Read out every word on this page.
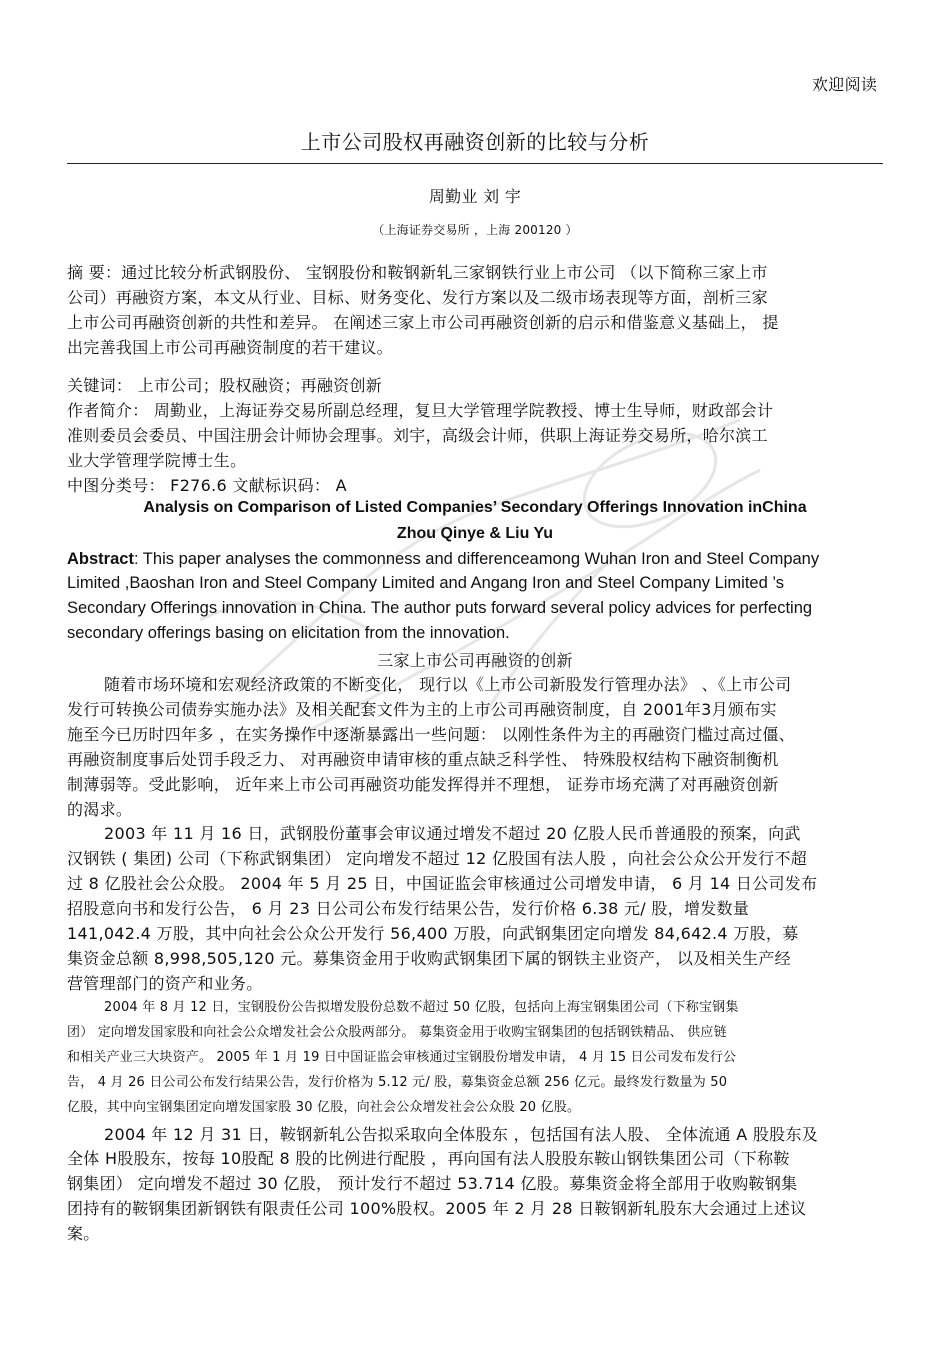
欢迎阅读
上市公司股权再融资创新的比较与分析
周勤业 刘 宇
（上海证券交易所 ，上海 200120 ）
摘 要：通过比较分析武钢股份、 宝钢股份和鞍钢新轧三家钢铁行业上市公司 （以下简称三家上市
公司）再融资方案，本文从行业、目标、财务变化、发行方案以及二级市场表现等方面，剖析三家
上市公司再融资创新的共性和差异。 在阐述三家上市公司再融资创新的启示和借鉴意义基础上， 提
出完善我国上市公司再融资制度的若干建议。
关键词： 上市公司；股权融资；再融资创新
作者简介： 周勤业，上海证券交易所副总经理，复旦大学管理学院教授、博士生导师，财政部会计
准则委员会委员、中国注册会计师协会理事。刘宇，高级会计师，供职上海证券交易所，哈尔滨工
业大学管理学院博士生。
中图分类号： F276.6 文献标识码： A
Analysis on Comparison of Listed Companies’ Secondary Offerings Innovation inChina
Zhou Qinye & Liu Yu
Abstract: This paper analyses the commonness and differenceamong Wuhan Iron and Steel Company
Limited ,Baoshan Iron and Steel Company Limited and Angang Iron and Steel Company Limited ’s
Secondary Offerings innovation in China. The author puts forward several policy advices for perfecting
secondary offerings basing on elicitation from the innovation.
三家上市公司再融资的创新
随着市场环境和宏观经济政策的不断变化， 现行以《上市公司新股发行管理办法》 、《上市公司
发行可转换公司债券实施办法》及相关配套文件为主的上市公司再融资制度，自 2001年3月颁布实
施至今已历时四年多 ，在实务操作中逐渐暴露出一些问题： 以刚性条件为主的再融资门槛过高过僵、
再融资制度事后处罚手段乏力、 对再融资申请审核的重点缺乏科学性、 特殊股权结构下融资制衡机
制薄弱等。受此影响， 近年来上市公司再融资功能发挥得并不理想， 证券市场充满了对再融资创新
的渴求。
2003 年 11 月 16 日，武钢股份董事会审议通过增发不超过 20 亿股人民币普通股的预案，向武
汉钢铁 ( 集团) 公司（下称武钢集团） 定向增发不超过 12 亿股国有法人股 ，向社会公众公开发行不超
过 8 亿股社会公众股。 2004 年 5 月 25 日，中国证监会审核通过公司增发申请， 6 月 14 日公司发布
招股意向书和发行公告， 6 月 23 日公司公布发行结果公告，发行价格 6.38 元/ 股，增发数量
141,042.4 万股，其中向社会公众公开发行 56,400 万股，向武钢集团定向增发 84,642.4 万股，募
集资金总额 8,998,505,120 元。募集资金用于收购武钢集团下属的钢铁主业资产， 以及相关生产经
营管理部门的资产和业务。
2004 年 8 月 12 日，宝钢股份公告拟增发股份总数不超过 50 亿股，包括向上海宝钢集团公司（下称宝钢集
团） 定向增发国家股和向社会公众增发社会公众股两部分。 募集资金用于收购宝钢集团的包括钢铁精品、 供应链
和相关产业三大块资产。 2005 年 1 月 19 日中国证监会审核通过宝钢股份增发申请， 4 月 15 日公司发布发行公
告， 4 月 26 日公司公布发行结果公告，发行价格为 5.12 元/ 股，募集资金总额 256 亿元。最终发行数量为 50
亿股，其中向宝钢集团定向增发国家股 30 亿股，向社会公众增发社会公众股 20 亿股。
2004 年 12 月 31 日，鞍钢新轧公告拟采取向全体股东 ，包括国有法人股、 全体流通 A 股股东及
全体 H股股东，按每 10股配 8 股的比例进行配股 ，再向国有法人股股东鞍山钢铁集团公司（下称鞍
钢集团） 定向增发不超过 30 亿股， 预计发行不超过 53.714 亿股。募集资金将全部用于收购鞍钢集
团持有的鞍钢集团新钢铁有限责任公司 100%股权。2005 年 2 月 28 日鞍钢新轧股东大会通过上述议
案。
